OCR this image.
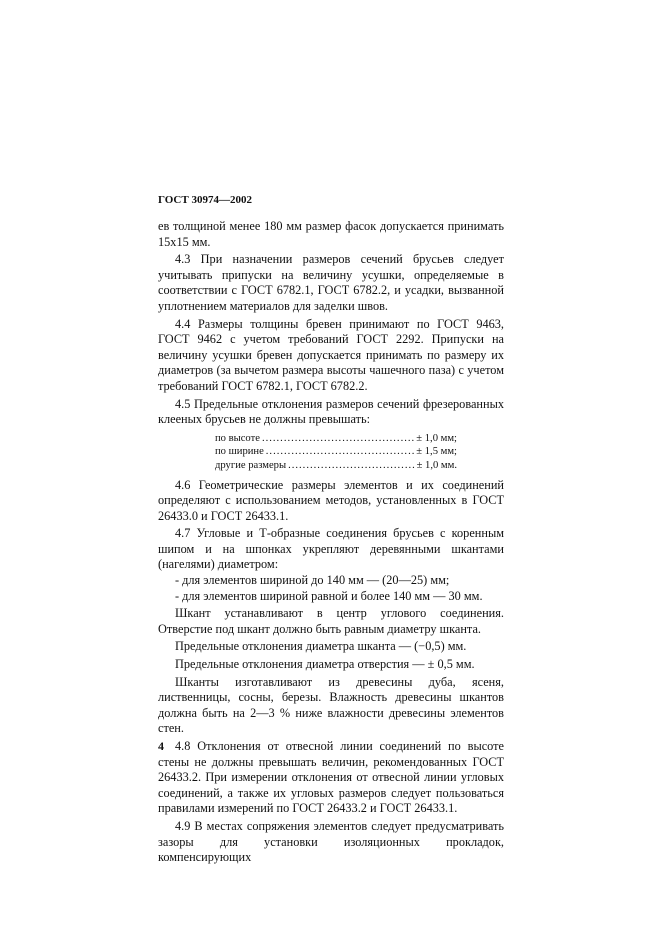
ГОСТ 30974—2002

ев толщиной менее 180 мм размер фасок допускается принимать 15х15 мм.

4.3 При назначении размеров сечений брусьев следует учитывать припуски на величину усушки, определяемые в соответствии с ГОСТ 6782.1, ГОСТ 6782.2, и усадки, вызванной уплотнением материалов для заделки швов.

4.4 Размеры толщины бревен принимают по ГОСТ 9463, ГОСТ 9462 с учетом требований ГОСТ 2292. Припуски на величину усушки бревен допускается принимать по размеру их диаметров (за вычетом размера высоты чашечного паза) с учетом требований ГОСТ 6782.1, ГОСТ 6782.2.

4.5 Предельные отклонения размеров сечений фрезерованных клееных брусьев не должны превышать:

по высоте .....	± 1,0 мм;
по ширине .....	± 1,5 мм;
другие размеры .....	± 1,0 мм.

4.6 Геометрические размеры элементов и их соединений определяют с использованием методов, установленных в ГОСТ 26433.0 и ГОСТ 26433.1.

4.7 Угловые и Т-образные соединения брусьев с коренным шипом и на шпонках укрепляют деревянными шкантами (нагелями) диаметром:

- для элементов шириной до 140 мм — (20—25) мм;

- для элементов шириной равной и более 140 мм — 30 мм.

Шкант устанавливают в центр углового соединения. Отверстие под шкант должно быть равным диаметру шканта.

Предельные отклонения диаметра шканта — (−0,5) мм.

Предельные отклонения диаметра отверстия — ± 0,5 мм.

Шканты изготавливают из древесины дуба, ясеня, лиственницы, сосны, березы. Влажность древесины шкантов должна быть на 2—3 % ниже влажности древесины элементов стен.

4.8 Отклонения от отвесной линии соединений по высоте стены не должны превышать величин, рекомендованных ГОСТ 26433.2. При измерении отклонения от отвесной линии угловых соединений, а также их угловых размеров следует пользоваться правилами измерений по ГОСТ 26433.2 и ГОСТ 26433.1.

4.9 В местах сопряжения элементов следует предусматривать зазоры для установки изоляционных прокладок, компенсирующих

4
